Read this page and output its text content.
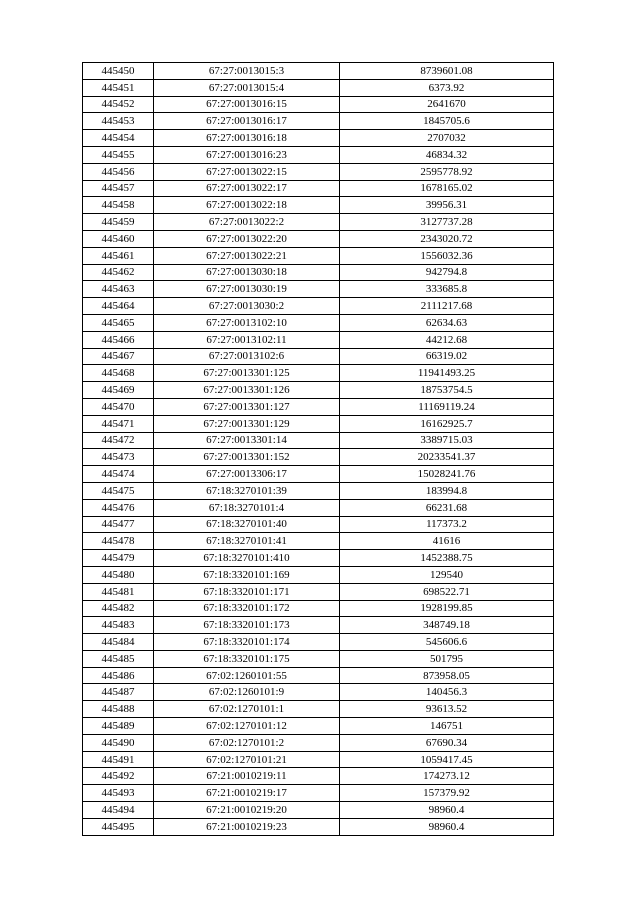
445450	67:27:0013015:3	8739601.08
445451	67:27:0013015:4	6373.92
445452	67:27:0013016:15	2641670
445453	67:27:0013016:17	1845705.6
445454	67:27:0013016:18	2707032
445455	67:27:0013016:23	46834.32
445456	67:27:0013022:15	2595778.92
445457	67:27:0013022:17	1678165.02
445458	67:27:0013022:18	39956.31
445459	67:27:0013022:2	3127737.28
445460	67:27:0013022:20	2343020.72
445461	67:27:0013022:21	1556032.36
445462	67:27:0013030:18	942794.8
445463	67:27:0013030:19	333685.8
445464	67:27:0013030:2	2111217.68
445465	67:27:0013102:10	62634.63
445466	67:27:0013102:11	44212.68
445467	67:27:0013102:6	66319.02
445468	67:27:0013301:125	11941493.25
445469	67:27:0013301:126	18753754.5
445470	67:27:0013301:127	11169119.24
445471	67:27:0013301:129	16162925.7
445472	67:27:0013301:14	3389715.03
445473	67:27:0013301:152	20233541.37
445474	67:27:0013306:17	15028241.76
445475	67:18:3270101:39	183994.8
445476	67:18:3270101:4	66231.68
445477	67:18:3270101:40	117373.2
445478	67:18:3270101:41	41616
445479	67:18:3270101:410	1452388.75
445480	67:18:3320101:169	129540
445481	67:18:3320101:171	698522.71
445482	67:18:3320101:172	1928199.85
445483	67:18:3320101:173	348749.18
445484	67:18:3320101:174	545606.6
445485	67:18:3320101:175	501795
445486	67:02:1260101:55	873958.05
445487	67:02:1260101:9	140456.3
445488	67:02:1270101:1	93613.52
445489	67:02:1270101:12	146751
445490	67:02:1270101:2	67690.34
445491	67:02:1270101:21	1059417.45
445492	67:21:0010219:11	174273.12
445493	67:21:0010219:17	157379.92
445494	67:21:0010219:20	98960.4
445495	67:21:0010219:23	98960.4
